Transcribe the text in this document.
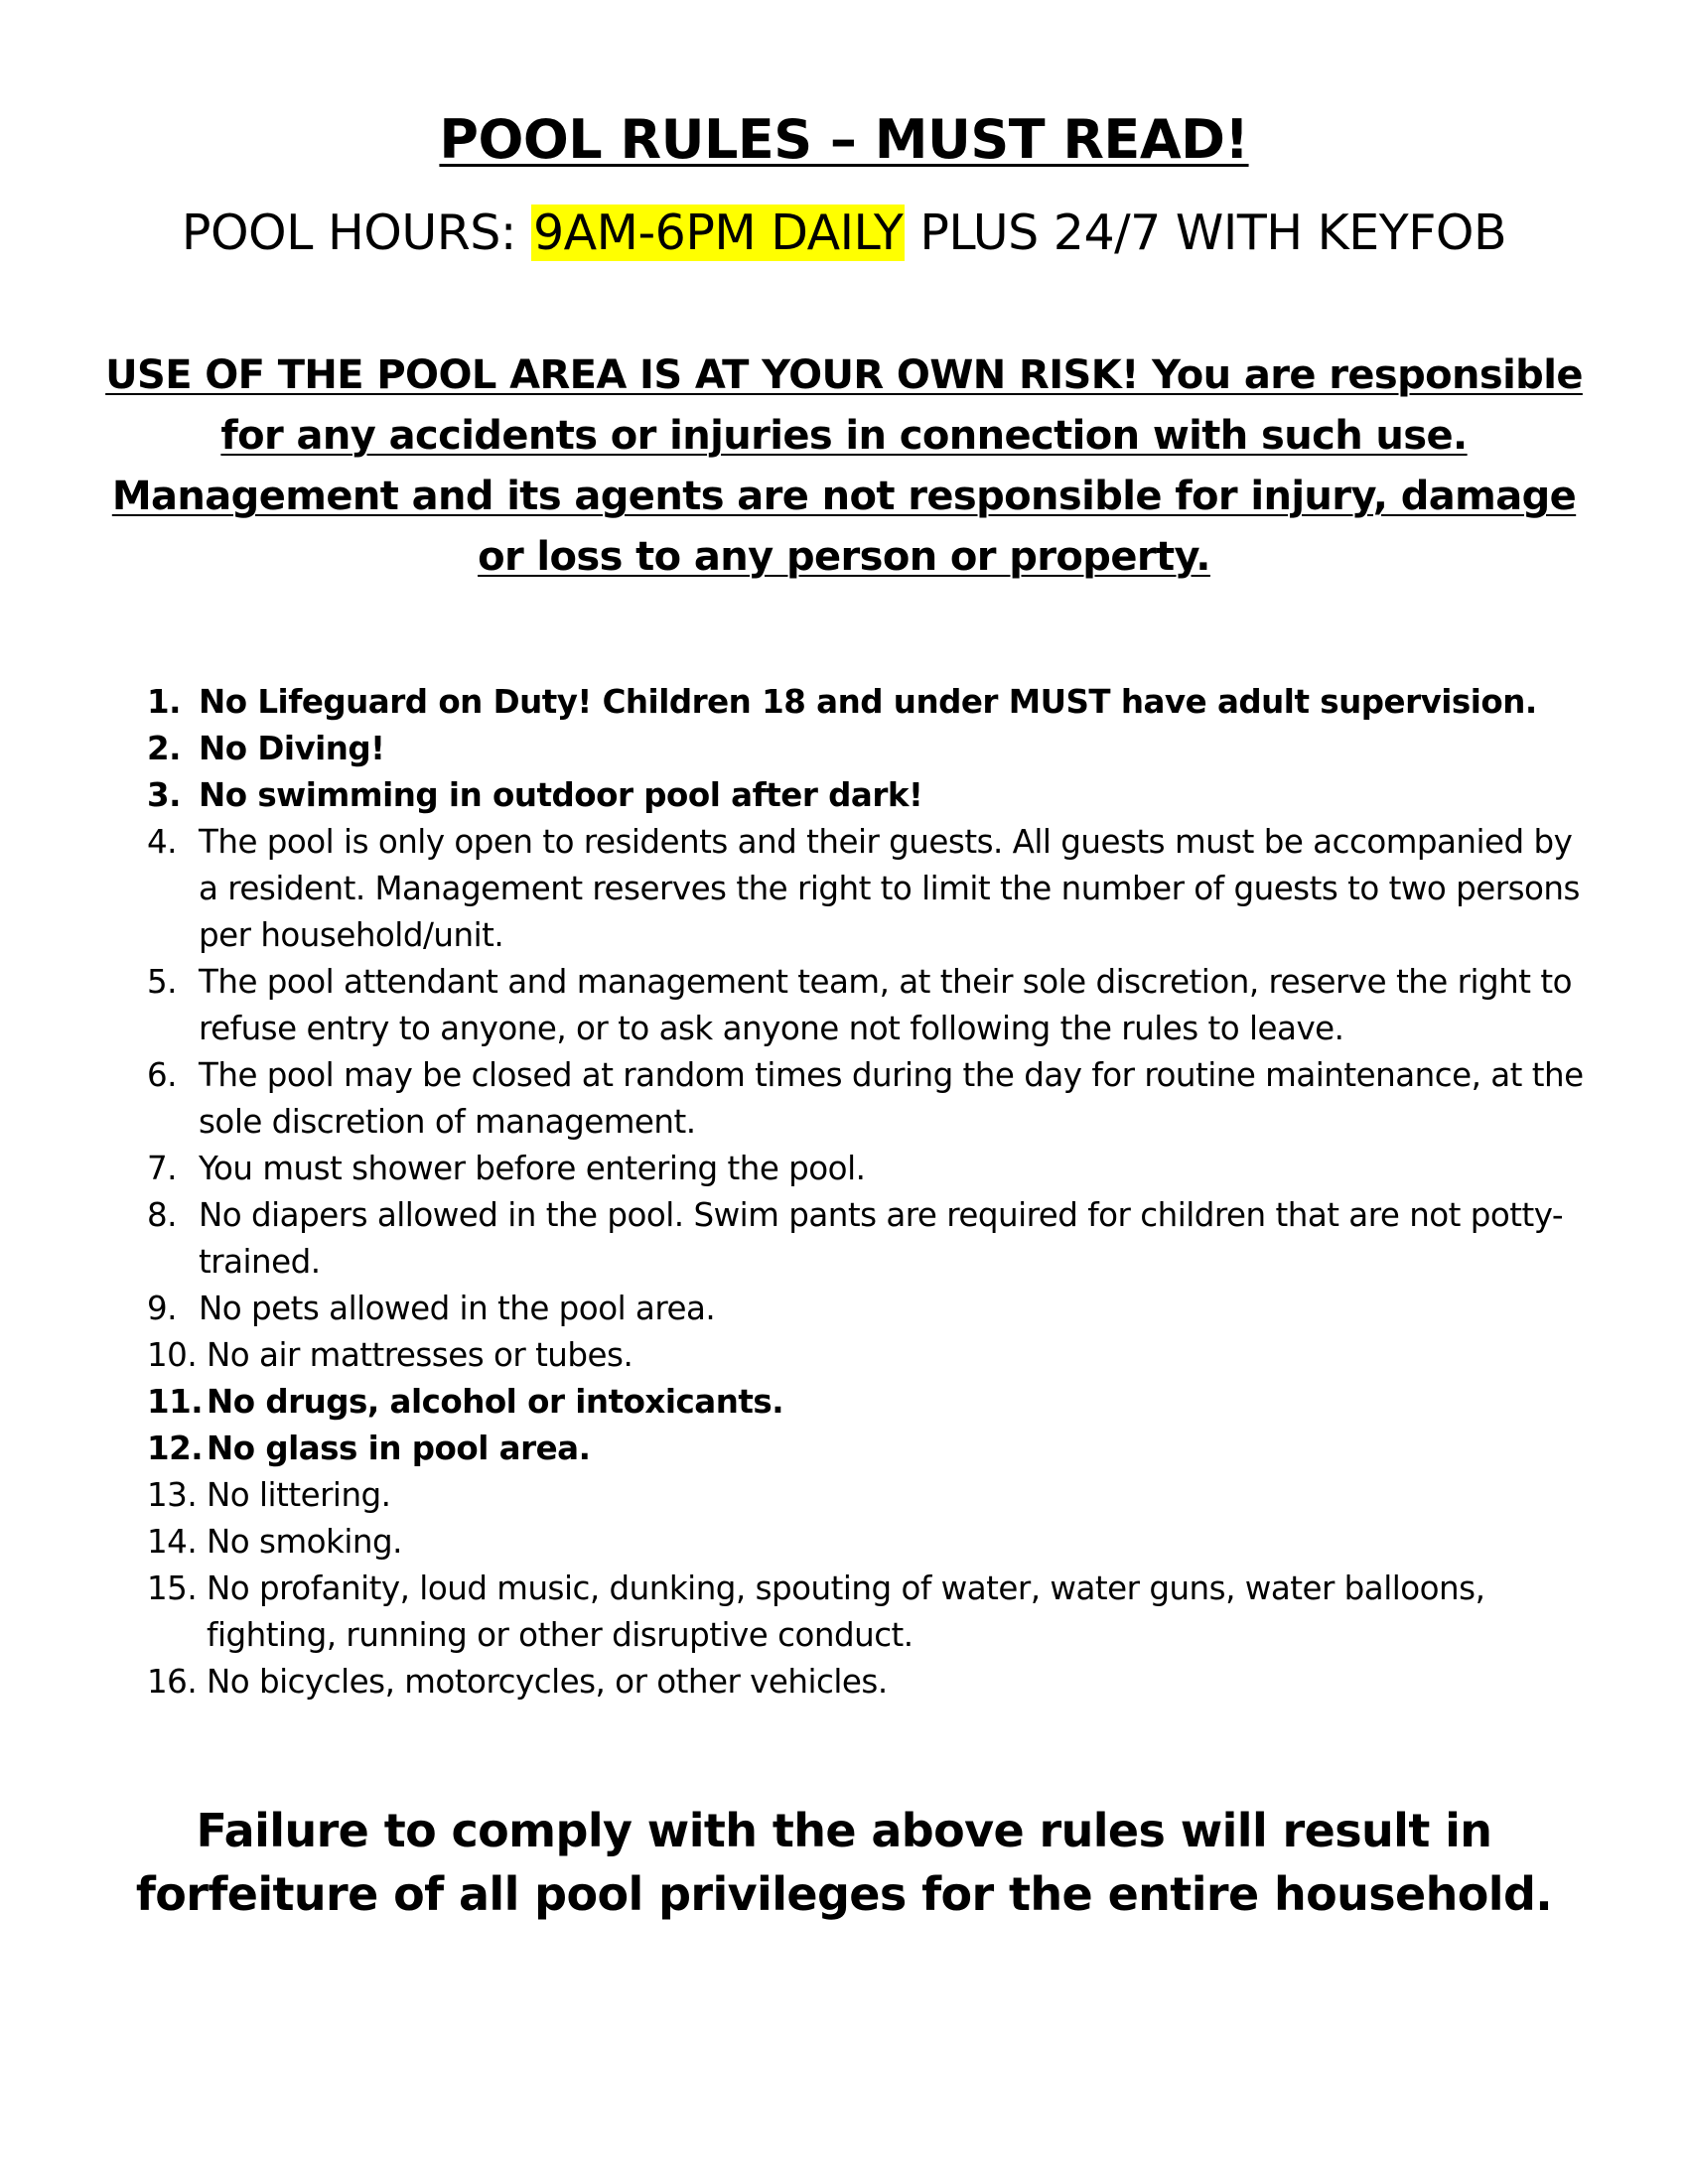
POOL RULES – MUST READ!
POOL HOURS: 9AM-6PM DAILY PLUS 24/7 WITH KEYFOB
USE OF THE POOL AREA IS AT YOUR OWN RISK! You are responsible for any accidents or injuries in connection with such use. Management and its agents are not responsible for injury, damage or loss to any person or property.
1. No Lifeguard on Duty! Children 18 and under MUST have adult supervision.
2. No Diving!
3. No swimming in outdoor pool after dark!
4. The pool is only open to residents and their guests. All guests must be accompanied by a resident. Management reserves the right to limit the number of guests to two persons per household/unit.
5. The pool attendant and management team, at their sole discretion, reserve the right to refuse entry to anyone, or to ask anyone not following the rules to leave.
6. The pool may be closed at random times during the day for routine maintenance, at the sole discretion of management.
7. You must shower before entering the pool.
8. No diapers allowed in the pool. Swim pants are required for children that are not potty-trained.
9. No pets allowed in the pool area.
10. No air mattresses or tubes.
11. No drugs, alcohol or intoxicants.
12. No glass in pool area.
13. No littering.
14. No smoking.
15. No profanity, loud music, dunking, spouting of water, water guns, water balloons, fighting, running or other disruptive conduct.
16. No bicycles, motorcycles, or other vehicles.
Failure to comply with the above rules will result in forfeiture of all pool privileges for the entire household.
